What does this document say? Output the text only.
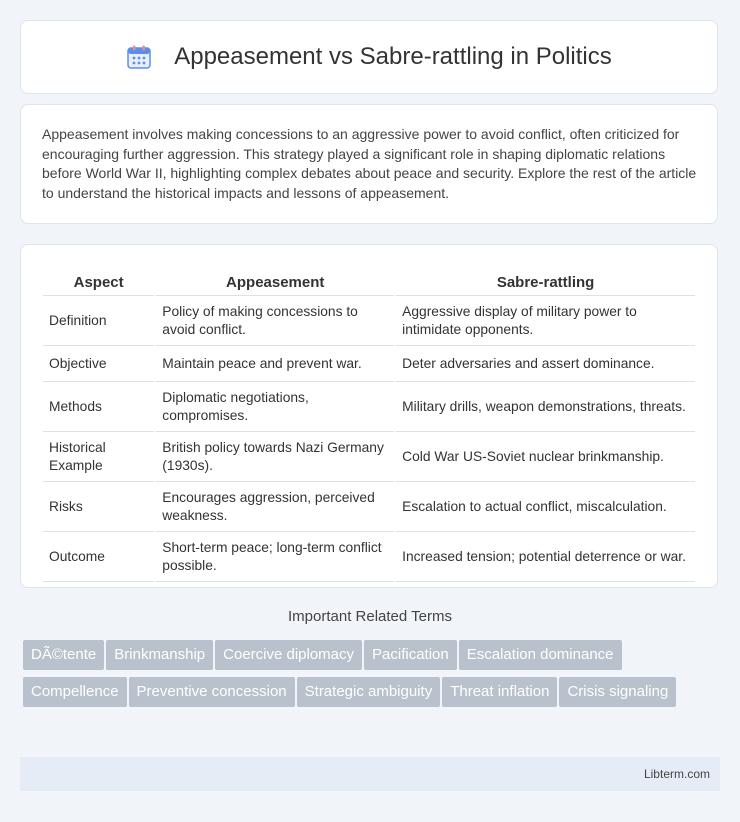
Appeasement vs Sabre-rattling in Politics

Appeasement involves making concessions to an aggressive power to avoid conflict, often criticized for encouraging further aggression. This strategy played a significant role in shaping diplomatic relations before World War II, highlighting complex debates about peace and security. Explore the rest of the article to understand the historical impacts and lessons of appeasement.

Aspect	Appeasement	Sabre-rattling
Definition	Policy of making concessions to avoid conflict.	Aggressive display of military power to intimidate opponents.
Objective	Maintain peace and prevent war.	Deter adversaries and assert dominance.
Methods	Diplomatic negotiations, compromises.	Military drills, weapon demonstrations, threats.
Historical Example	British policy towards Nazi Germany (1930s).	Cold War US-Soviet nuclear brinkmanship.
Risks	Encourages aggression, perceived weakness.	Escalation to actual conflict, miscalculation.
Outcome	Short-term peace; long-term conflict possible.	Increased tension; potential deterrence or war.
Important Related Terms
DÃ©tente Brinkmanship Coercive diplomacy Pacification Escalation dominanceCompellence Preventive concession Strategic ambiguity Threat inflation Crisis signaling
Libterm.com
